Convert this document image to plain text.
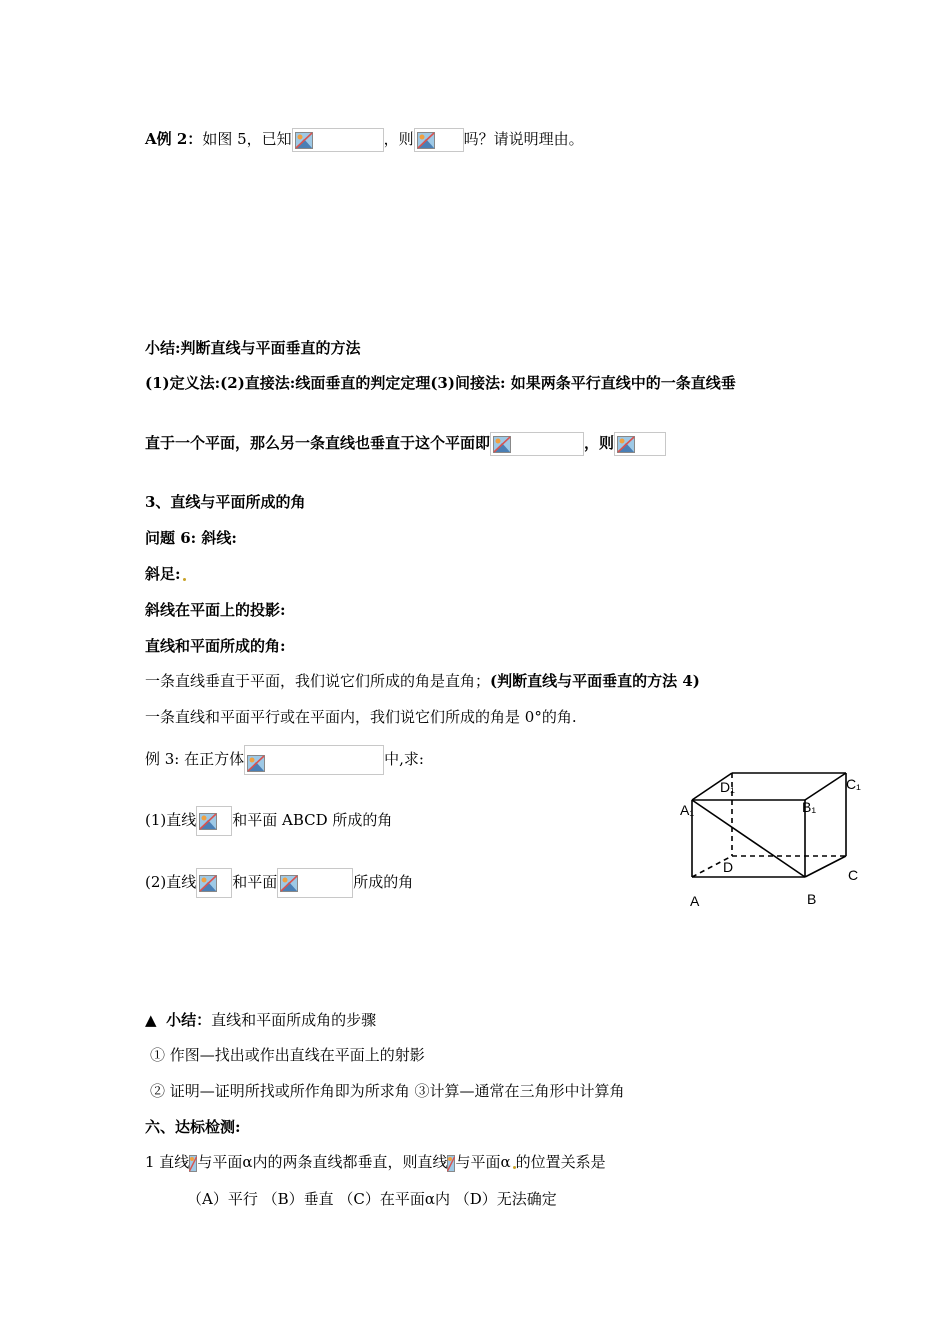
A例 2：如图 5，已知	，则	吗？请说明理由。
小结:判断直线与平面垂直的方法
(1)定义法:(2)直接法:线面垂直的判定定理(3)间接法: 如果两条平行直线中的一条直线垂
直于一个平面，那么另一条直线也垂直于这个平面即	，则
3、直线与平面所成的角
问题 6: 斜线:
斜足:
斜线在平面上的投影:
直线和平面所成的角:
一条直线垂直于平面，我们说它们所成的角是直角；(判断直线与平面垂直的方法 4)
一条直线和平面平行或在平面内，我们说它们所成的角是 0°的角.
例 3: 在正方体	中,求:
(1)直线 和平面 ABCD 所成的角
(2)直线 和平面	所成的角
D₁	C₁
A₁	B₁
D	C
A	B
▲ 小结：直线和平面所成角的步骤
① 作图—找出或作出直线在平面上的射影
② 证明—证明所找或所作角即为所求角 ③计算—通常在三角形中计算角
六、达标检测:
1 直线 与平面α内的两条直线都垂直，则直线 与平面α 的位置关系是
（A）平行 （B）垂直 （C）在平面α内 （D）无法确定
